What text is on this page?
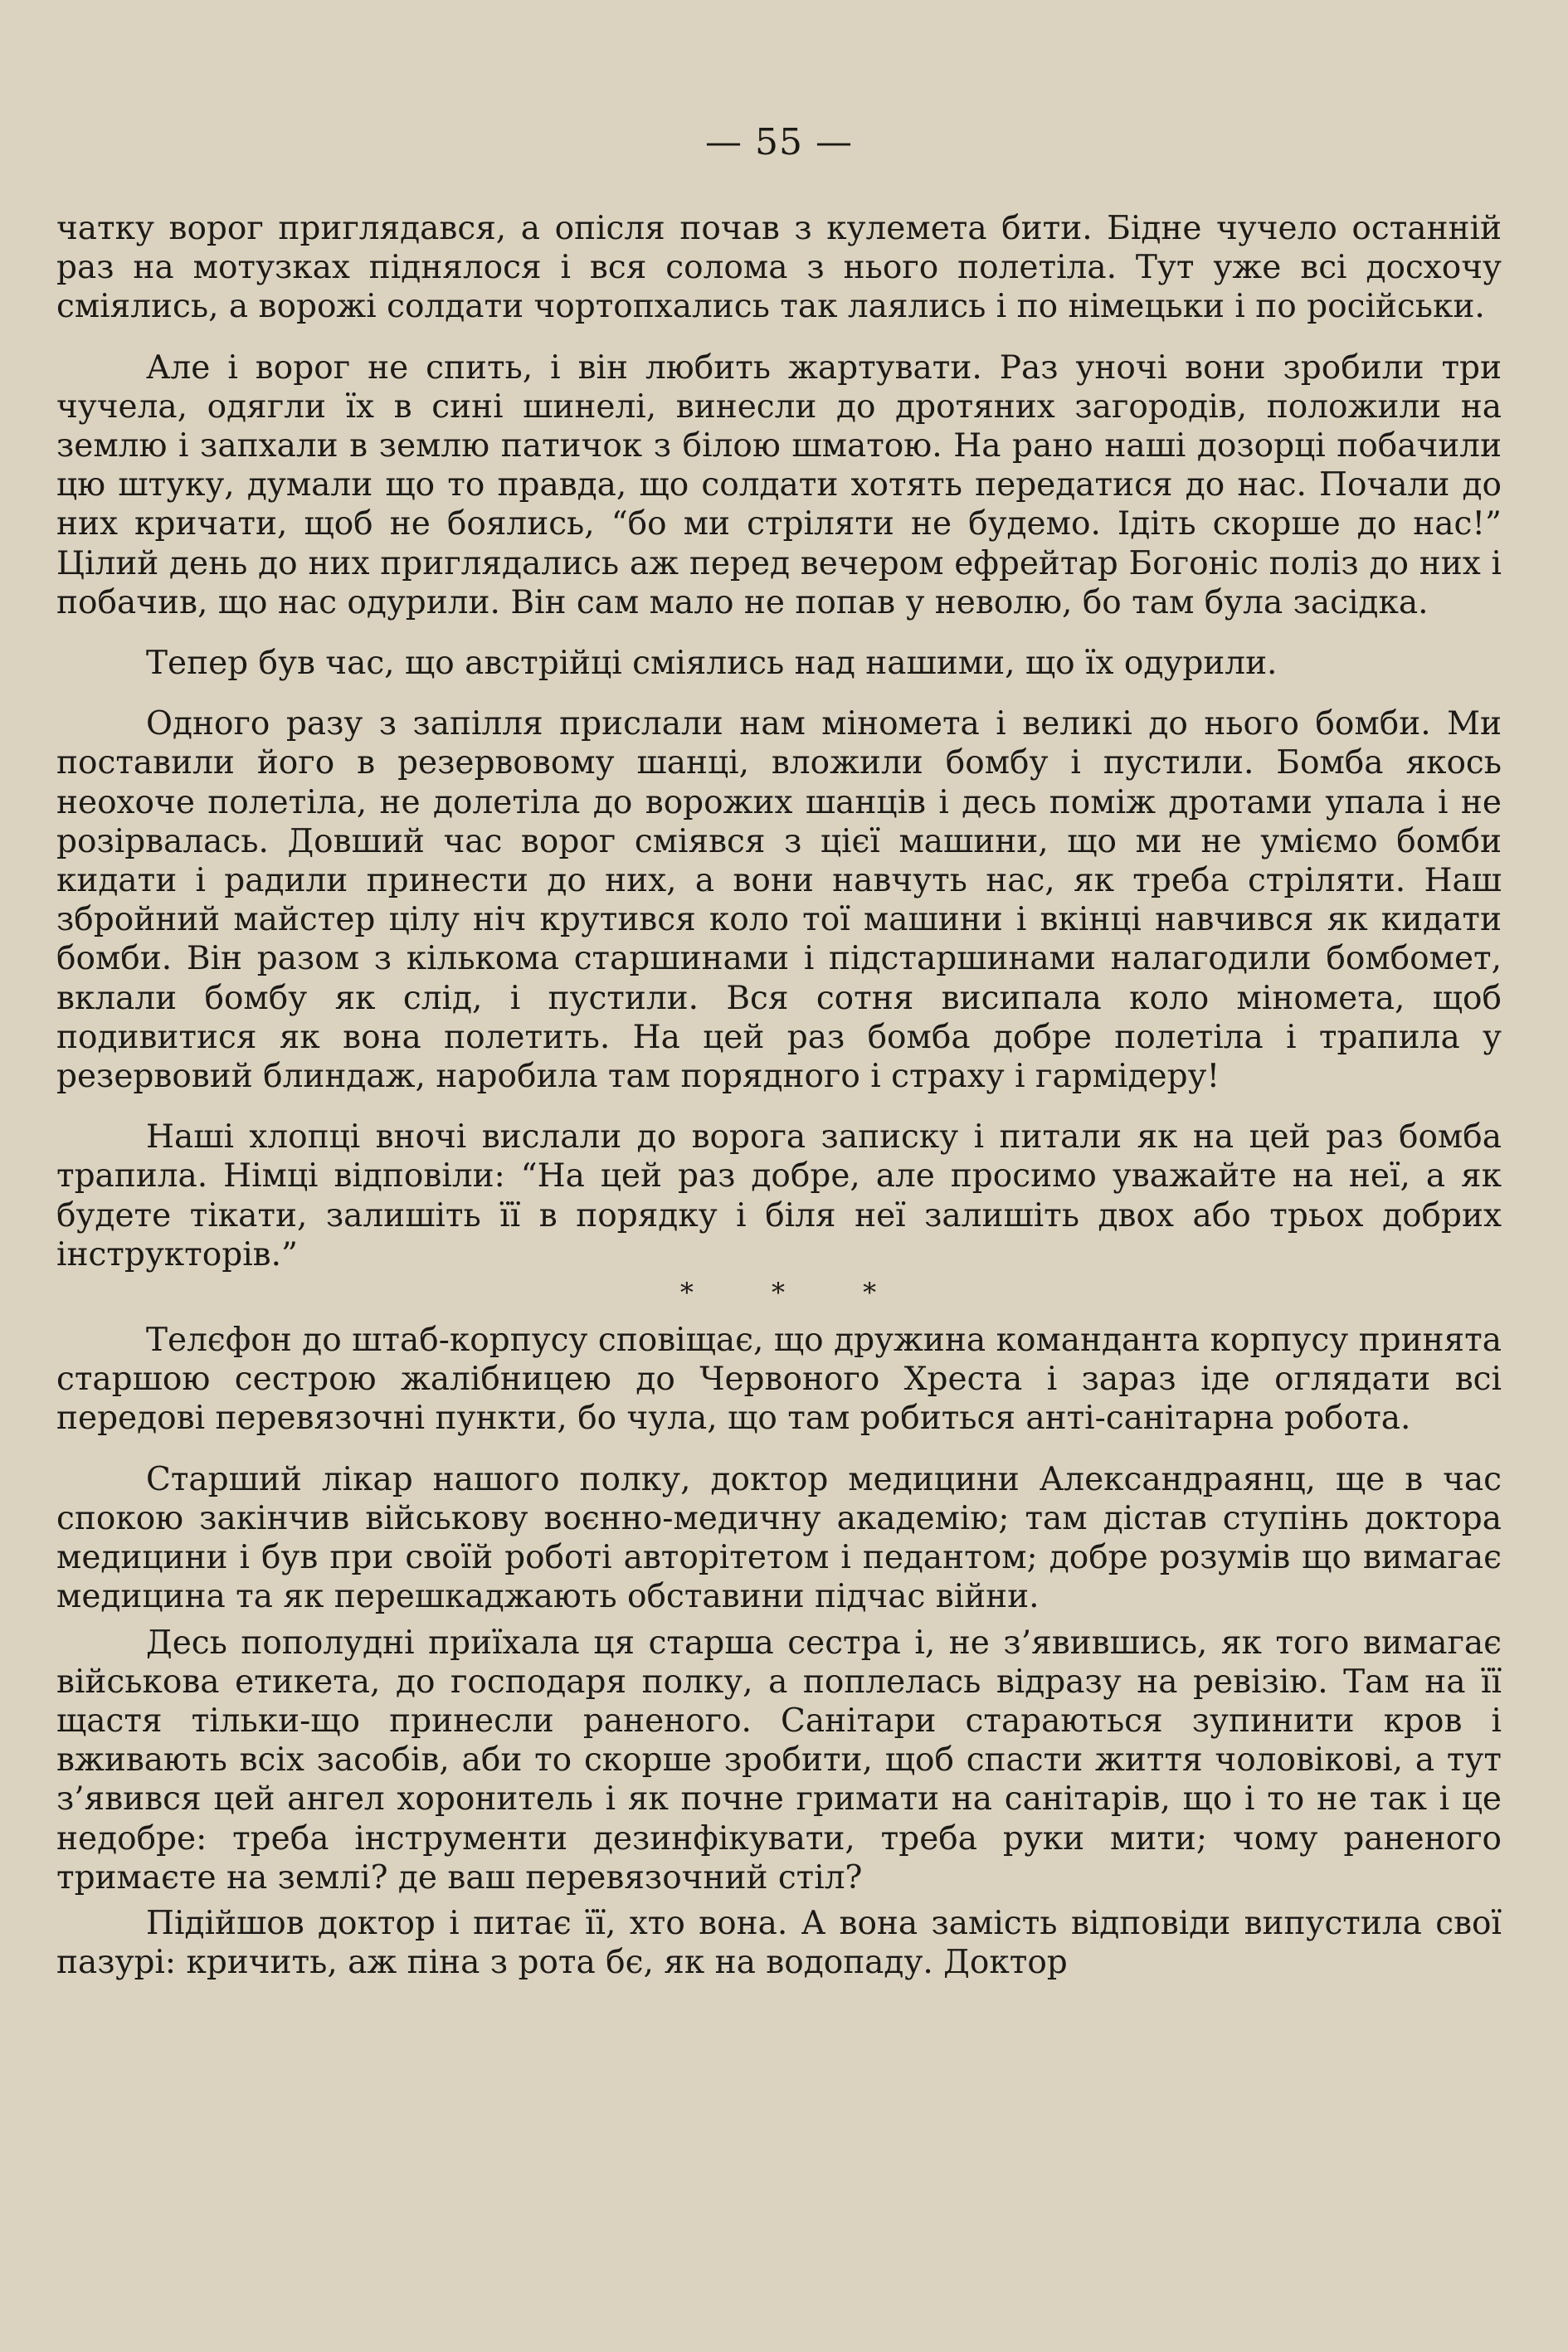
— 55 —

чатку ворог приглядався, а опісля почав з кулемета бити. Бідне чучело останній раз на мотузках піднялося і вся солома з нього полетіла. Тут уже всі досхочу сміялись, а ворожі солдати чортопхались так лаялись і по німецьки і по російськи.

Але і ворог не спить, і він любить жартувати. Раз уночі вони зробили три чучела, одягли їх в сині шинелі, винесли до дротяних загородів, положили на землю і запхали в землю патичок з білою шматою. На рано наші дозорці побачили цю штуку, думали що то правда, що солдати хотять передатися до нас. Почали до них кричати, щоб не боялись, “бо ми стріляти не будемо. Ідіть скорше до нас!” Цілий день до них приглядались аж перед вечером ефрейтар Богоніс поліз до них і побачив, що нас одурили. Він сам мало не попав у неволю, бо там була засідка.

Тепер був час, що австрійці сміялись над нашими, що їх одурили.

Одного разу з запілля прислали нам міномета і великі до нього бомби. Ми поставили його в резервовому шанці, вложили бомбу і пустили. Бомба якось неохоче полетіла, не долетіла до ворожих шанців і десь поміж дротами упала і не розірвалась. Довший час ворог сміявся з цієї машини, що ми не уміємо бомби кидати і радили принести до них, а вони навчуть нас, як треба стріляти. Наш збройний майстер цілу ніч крутився коло тої машини і вкінці навчився як кидати бомби. Він разом з кількома старшинами і підстаршинами налагодили бомбомет, вклали бомбу як слід, і пустили. Вся сотня висипала коло мінометa, щоб подивитися як вона полетить. На цей раз бомба добре полетіла і трапила у резервовий блиндаж, наробила там порядного і страху і гармідеру!

Наші хлопці вночі вислали до ворога записку і питали як на цей раз бомба трапила. Німці відповіли: “На цей раз добре, але просимо уважайте на неї, а як будете тікати, залишіть її в порядку і біля неї залишіть двох або трьох добрих інструкторів.”

* * *

Телєфон до штаб-корпусу сповіщає, що дружина команданта корпусу принята старшою сестрою жалібницею до Червоного Хреста і зараз іде оглядати всі передові перевязочні пункти, бо чула, що там робиться анті-санітарна робота.

Старший лікар нашого полку, доктор медицини Александраянц, ще в час спокою закінчив військову воєнно-медичну академію; там дістав ступінь доктора медицини і був при своїй роботі авторітетом і педантом; добре розумів що вимагає медицина та як перешкаджають обставини підчас війни.

Десь пополудні приїхала ця старша сестра і, не з’явившись, як того вимагає військова етикета, до господаря полку, а поплелась відразу на ревізію. Там на її щастя тільки-що принесли раненого. Санітари стараються зупинити кров і вживають всіх засобів, аби то скорше зробити, щоб спасти життя чоловікові, а тут з’явився цей ангел хоронитель і як почне гримати на санітарів, що і то не так і це недобре: треба інструменти дезинфікувати, треба руки мити; чому раненого тримаєте на землі? де ваш перевязочний стіл?

Підійшов доктор і питає її, хто вона. А вона замість відповіди випустила свої пазурі: кричить, аж піна з рота бє, як на водопаду. Доктор
